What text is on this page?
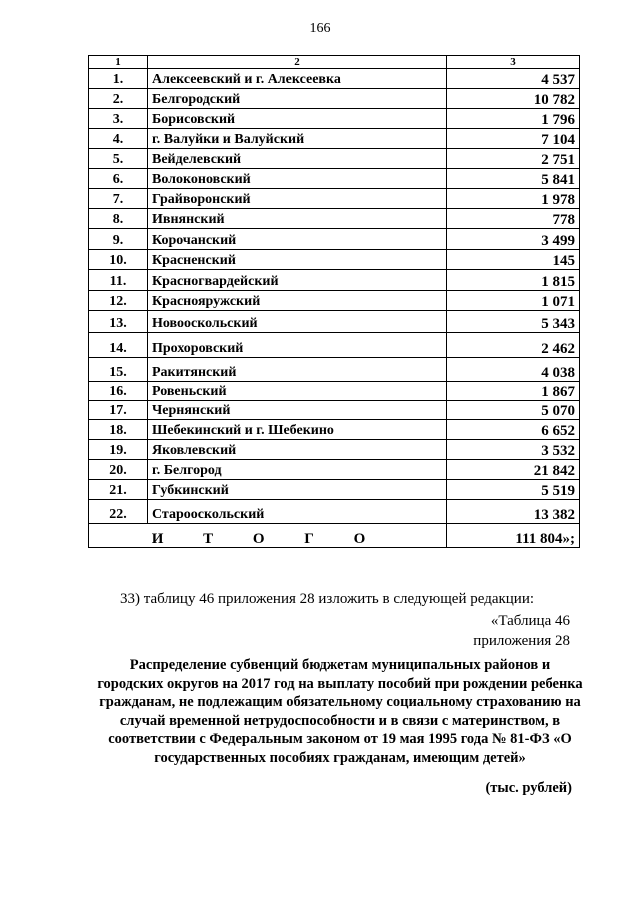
166
1	2	3
1.	Алексеевский и г. Алексеевка	4 537
2.	Белгородский	10 782
3.	Борисовский	1 796
4.	г. Валуйки и Валуйский	7 104
5.	Вейделевский	2 751
6.	Волоконовский	5 841
7.	Грайворонский	1 978
8.	Ивнянский	778
9.	Корочанский	3 499
10.	Красненский	145
11.	Красногвардейский	1 815
12.	Краснояружский	1 071
13.	Новооскольский	5 343
14.	Прохоровский	2 462
15.	Ракитянский	4 038
16.	Ровеньский	1 867
17.	Чернянский	5 070
18.	Шебекинский и г. Шебекино	6 652
19.	Яковлевский	3 532
20.	г. Белгород	21 842
21.	Губкинский	5 519
22.	Старооскольский	13 382
И Т О Г О		111 804»;
33) таблицу 46 приложения 28 изложить в следующей редакции:
«Таблица 46
приложения 28
Распределение субвенций бюджетам муниципальных районов и городских округов на 2017 год на выплату пособий при рождении ребенка гражданам, не подлежащим обязательному социальному страхованию на случай временной нетрудоспособности и в связи с материнством, в соответствии с Федеральным законом от 19 мая 1995 года № 81-ФЗ «О государственных пособиях гражданам, имеющим детей»
(тыс. рублей)
